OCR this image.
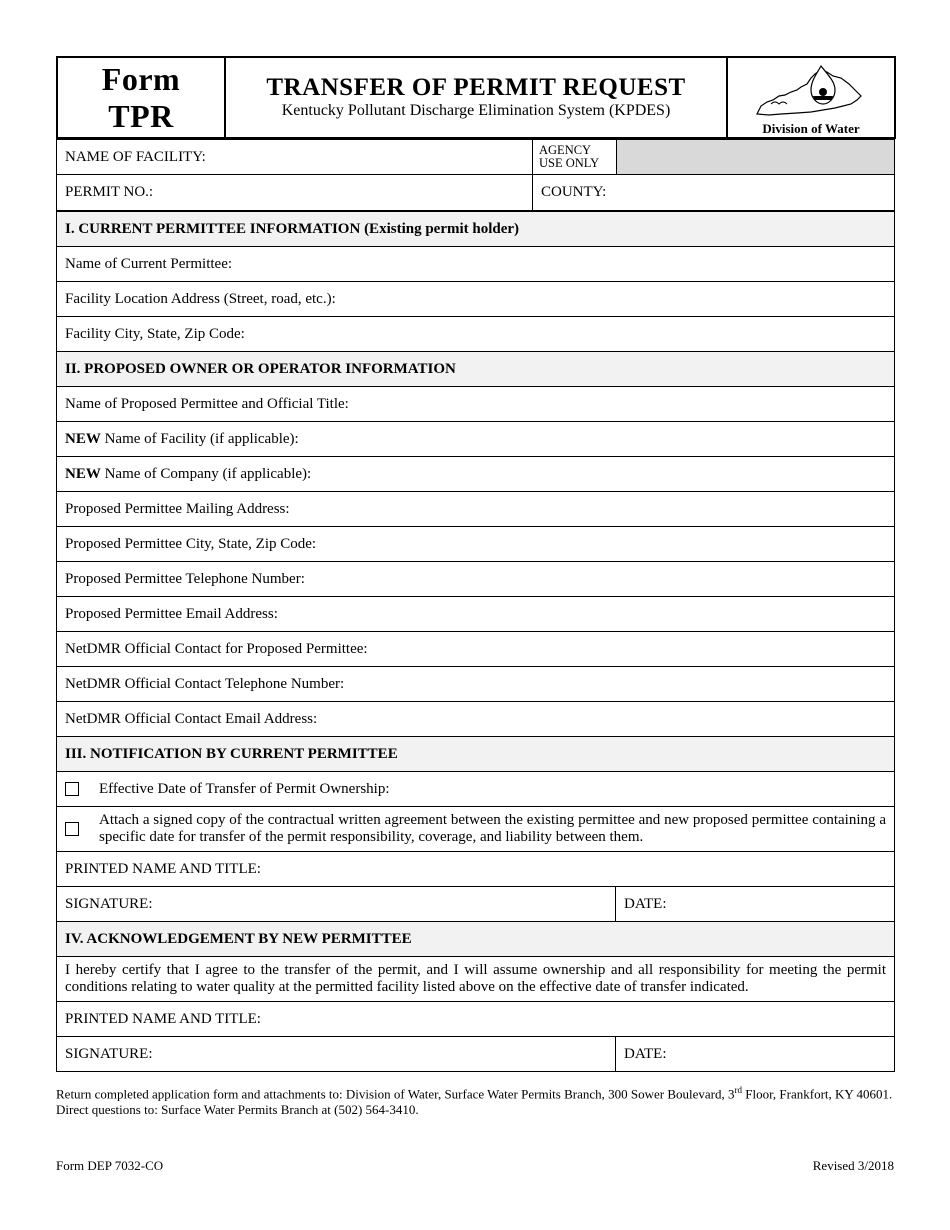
Form TPR	
TRANSFER OF PERMIT REQUEST
Kentucky Pollutant Discharge Elimination System (KPDES)

Division of Water
NAME OF FACILITY:	AGENCY USE ONLY	
PERMIT NO.:	COUNTY:	
I. CURRENT PERMITTEE INFORMATION (Existing permit holder)	
Name of Current Permittee:	
Facility Location Address (Street, road, etc.):	
Facility City, State, Zip Code:	
II. PROPOSED OWNER OR OPERATOR INFORMATION	
Name of Proposed Permittee and Official Title:	
NEW Name of Facility (if applicable):	
NEW Name of Company (if applicable):	
Proposed Permittee Mailing Address:	
Proposed Permittee City, State, Zip Code:	
Proposed Permittee Telephone Number:	
Proposed Permittee Email Address:	
NetDMR Official Contact for Proposed Permittee:	
NetDMR Official Contact Telephone Number:	
NetDMR Official Contact Email Address:	
III. NOTIFICATION BY CURRENT PERMITTEE	

Effective Date of Transfer of Permit Ownership:	

Attach a signed copy of the contractual written agreement between the existing permittee and new proposed permittee containing a specific date for transfer of the permit responsibility, coverage, and liability between them.	

PRINTED NAME AND TITLE:	
SIGNATURE:	DATE:
IV. ACKNOWLEDGEMENT BY NEW PERMITTEE	
I hereby certify that I agree to the transfer of the permit, and I will assume ownership and all responsibility for meeting the permit conditions relating to water quality at the permitted facility listed above on the effective date of transfer indicated.	
PRINTED NAME AND TITLE:	
SIGNATURE:	DATE:
Return completed application form and attachments to: Division of Water, Surface Water Permits Branch, 300 Sower Boulevard, 3rd Floor, Frankfort, KY 40601. Direct questions to: Surface Water Permits Branch at (502) 564-3410.
Form DEP 7032-CO	Revised 3/2018
